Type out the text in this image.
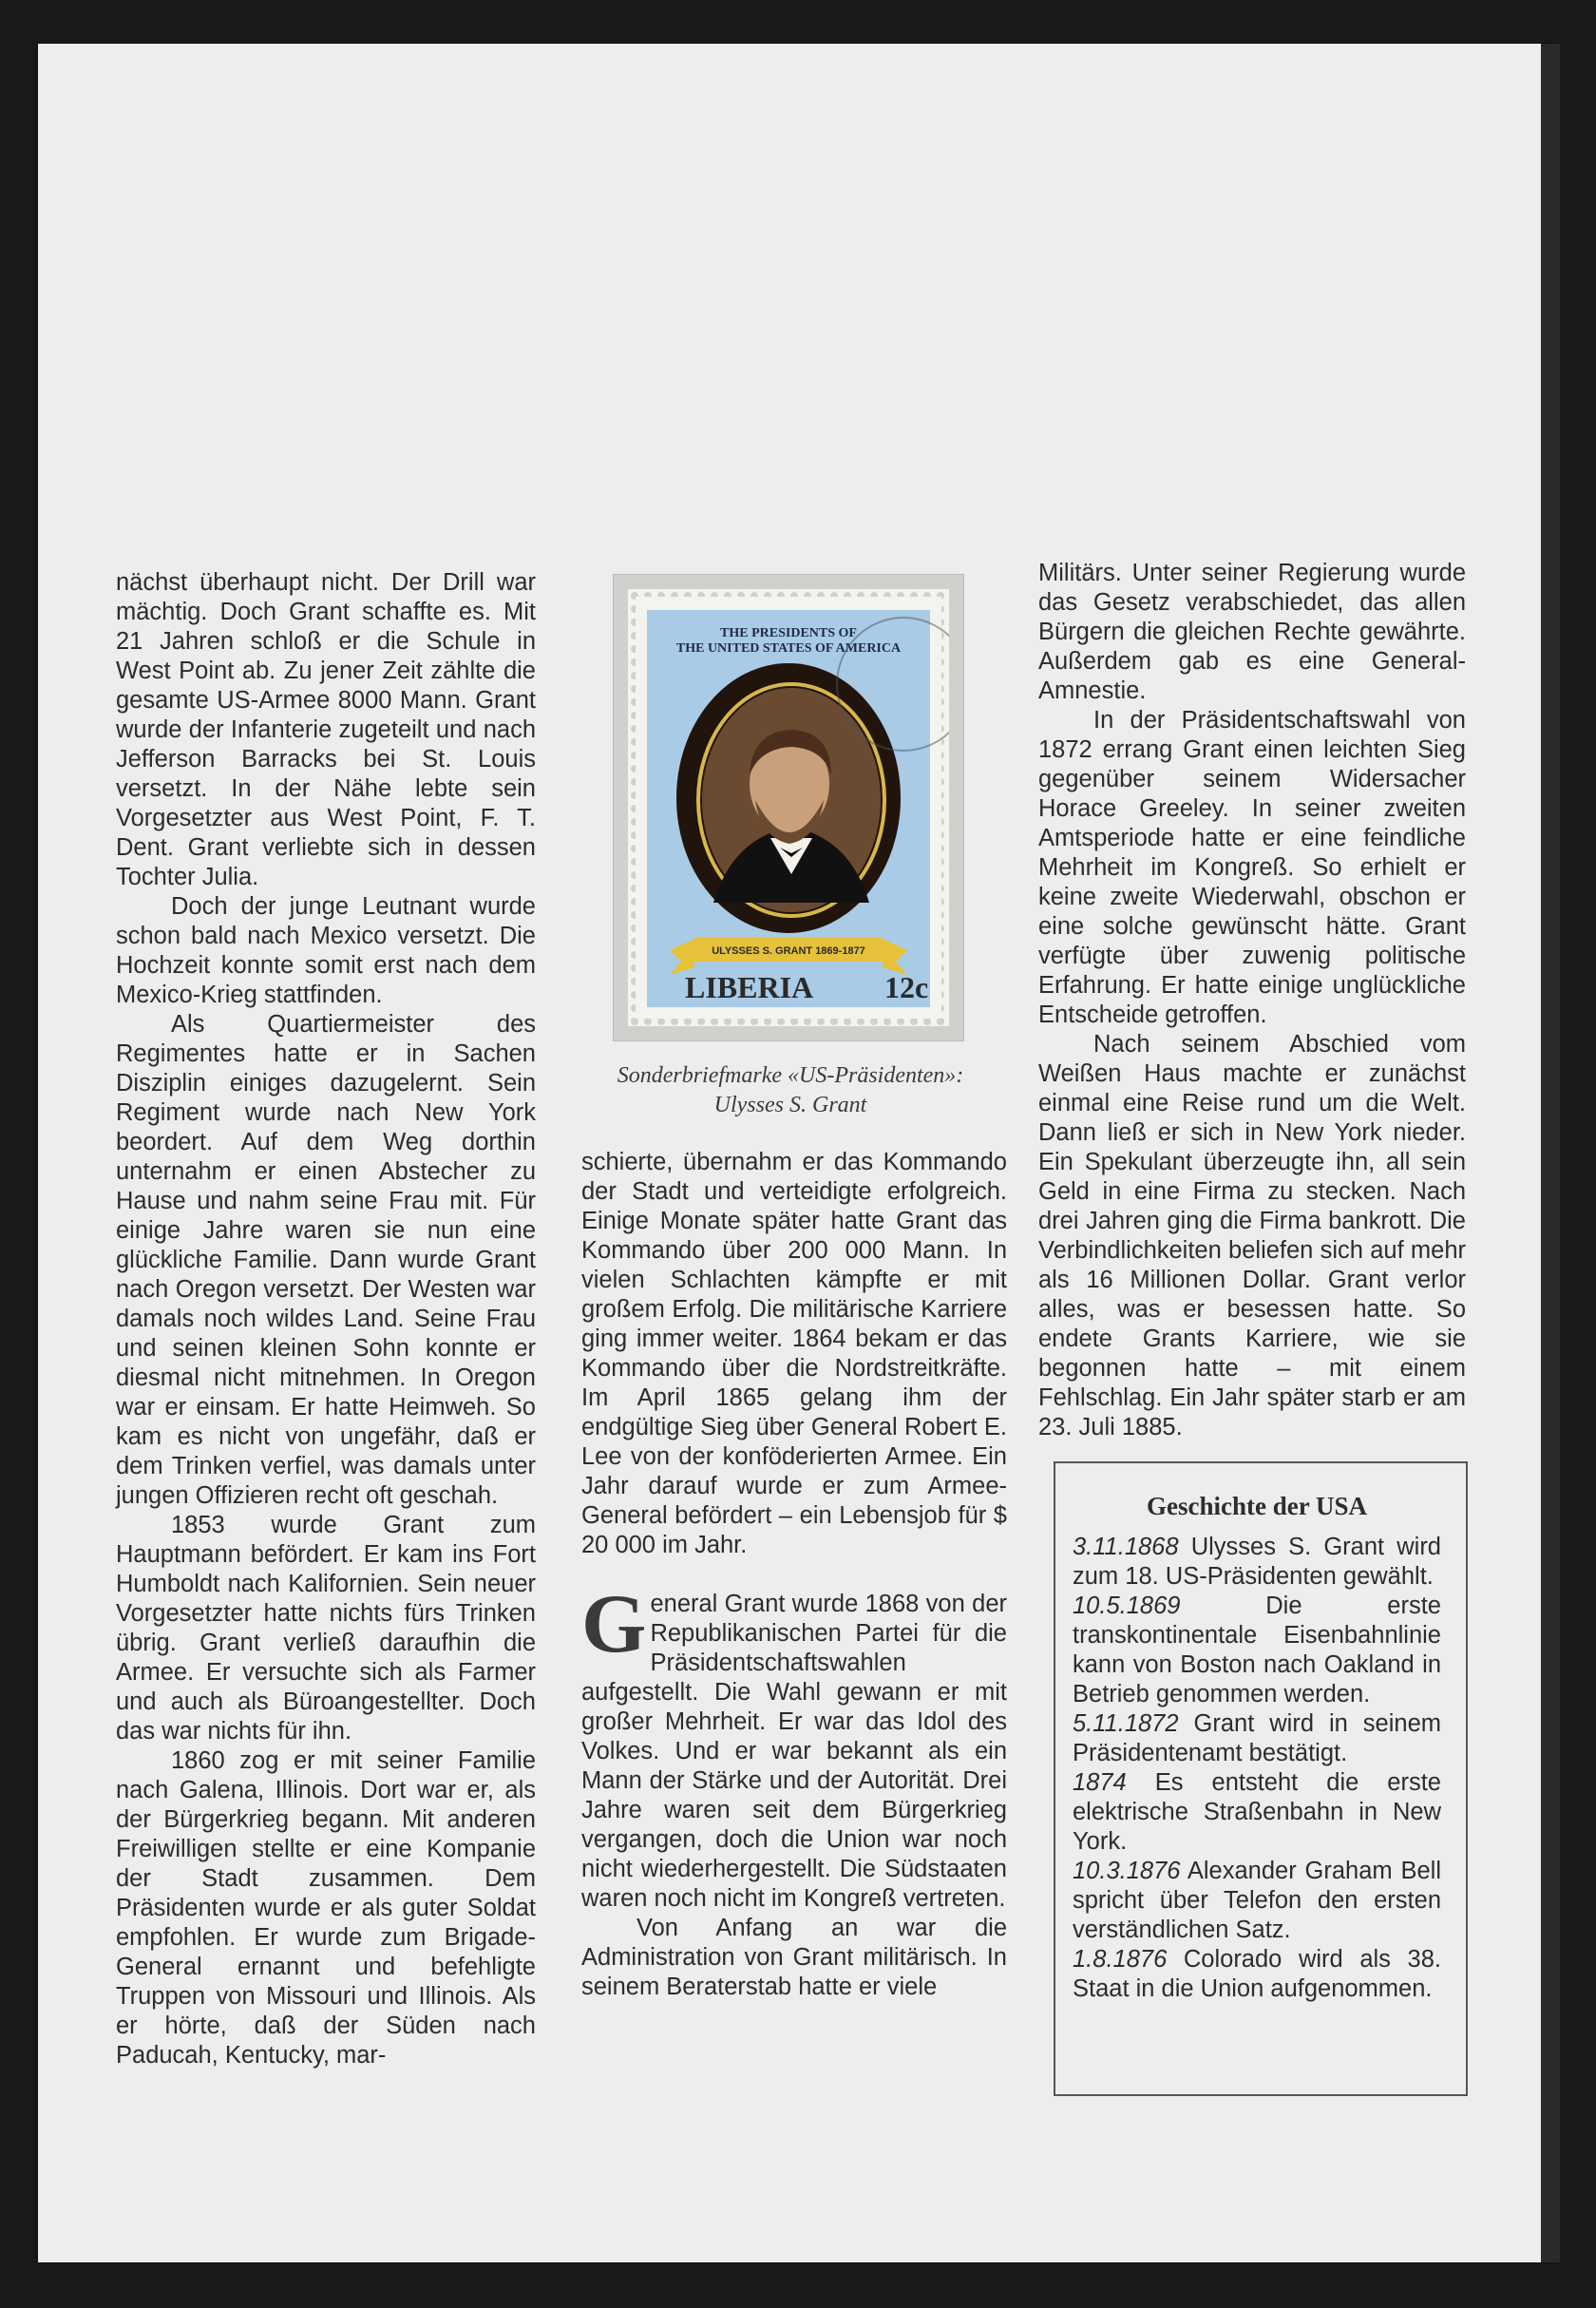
nächst überhaupt nicht. Der Drill war mächtig. Doch Grant schaffte es. Mit 21 Jahren schloß er die Schule in West Point ab. Zu jener Zeit zählte die gesamte US-Armee 8000 Mann. Grant wurde der Infanterie zugeteilt und nach Jefferson Barracks bei St. Louis versetzt. In der Nähe lebte sein Vorgesetzter aus West Point, F. T. Dent. Grant verliebte sich in dessen Tochter Julia.

Doch der junge Leutnant wurde schon bald nach Mexico versetzt. Die Hochzeit konnte somit erst nach dem Mexico-Krieg stattfinden.

Als Quartiermeister des Regimentes hatte er in Sachen Disziplin einiges dazugelernt. Sein Regiment wurde nach New York beordert. Auf dem Weg dorthin unternahm er einen Abstecher zu Hause und nahm seine Frau mit. Für einige Jahre waren sie nun eine glückliche Familie. Dann wurde Grant nach Oregon versetzt. Der Westen war damals noch wildes Land. Seine Frau und seinen kleinen Sohn konnte er diesmal nicht mitnehmen. In Oregon war er einsam. Er hatte Heimweh. So kam es nicht von ungefähr, daß er dem Trinken verfiel, was damals unter jungen Offizieren recht oft geschah.

1853 wurde Grant zum Hauptmann befördert. Er kam ins Fort Humboldt nach Kalifornien. Sein neuer Vorgesetzter hatte nichts fürs Trinken übrig. Grant verließ daraufhin die Armee. Er versuchte sich als Farmer und auch als Büroangestellter. Doch das war nichts für ihn.

1860 zog er mit seiner Familie nach Galena, Illinois. Dort war er, als der Bürgerkrieg begann. Mit anderen Freiwilligen stellte er eine Kompanie der Stadt zusammen. Dem Präsidenten wurde er als guter Soldat empfohlen. Er wurde zum Brigade-General ernannt und befehligte Truppen von Missouri und Illinois. Als er hörte, daß der Süden nach Paducah, Kentucky, mar-

ULYSSES S. GRANT 1869-1877
THE PRESIDENTS OF
THE UNITED STATES OF AMERICA
LIBERIA 12c
Sonderbriefmarke «US-Präsidenten»:
Ulysses S. Grant

schierte, übernahm er das Kommando der Stadt und verteidigte erfolgreich. Einige Monate später hatte Grant das Kommando über 200 000 Mann. In vielen Schlachten kämpfte er mit großem Erfolg. Die militärische Karriere ging immer weiter. 1864 bekam er das Kommando über die Nordstreitkräfte. Im April 1865 gelang ihm der endgültige Sieg über General Robert E. Lee von der konföderierten Armee. Ein Jahr darauf wurde er zum Armee-General befördert – ein Lebensjob für $ 20 000 im Jahr.

General Grant wurde 1868 von der Republikanischen Partei für die Präsidentschaftswahlen aufgestellt. Die Wahl gewann er mit großer Mehrheit. Er war das Idol des Volkes. Und er war bekannt als ein Mann der Stärke und der Autorität. Drei Jahre waren seit dem Bürgerkrieg vergangen, doch die Union war noch nicht wiederhergestellt. Die Südstaaten waren noch nicht im Kongreß vertreten.

Von Anfang an war die Administration von Grant militärisch. In seinem Beraterstab hatte er viele

Militärs. Unter seiner Regierung wurde das Gesetz verabschiedet, das allen Bürgern die gleichen Rechte gewährte. Außerdem gab es eine General-Amnestie.

In der Präsidentschaftswahl von 1872 errang Grant einen leichten Sieg gegenüber seinem Widersacher Horace Greeley. In seiner zweiten Amtsperiode hatte er eine feindliche Mehrheit im Kongreß. So erhielt er keine zweite Wiederwahl, obschon er eine solche gewünscht hätte. Grant verfügte über zuwenig politische Erfahrung. Er hatte einige unglückliche Entscheide getroffen.

Nach seinem Abschied vom Weißen Haus machte er zunächst einmal eine Reise rund um die Welt. Dann ließ er sich in New York nieder. Ein Spekulant überzeugte ihn, all sein Geld in eine Firma zu stecken. Nach drei Jahren ging die Firma bankrott. Die Verbindlichkeiten beliefen sich auf mehr als 16 Millionen Dollar. Grant verlor alles, was er besessen hatte. So endete Grants Karriere, wie sie begonnen hatte – mit einem Fehlschlag. Ein Jahr später starb er am 23. Juli 1885.

Geschichte der USA
3.11.1868 Ulysses S. Grant wird zum 18. US-Präsidenten gewählt.
10.5.1869	Die erste transkontinentale Eisenbahnlinie kann von Boston nach Oakland in Betrieb genommen werden.
5.11.1872 Grant wird in seinem Präsidentenamt bestätigt.
1874 Es entsteht die erste elektrische Straßenbahn in New York.
10.3.1876 Alexander Graham Bell spricht über Telefon den ersten verständlichen Satz.
1.8.1876 Colorado wird als 38. Staat in die Union aufgenommen.
